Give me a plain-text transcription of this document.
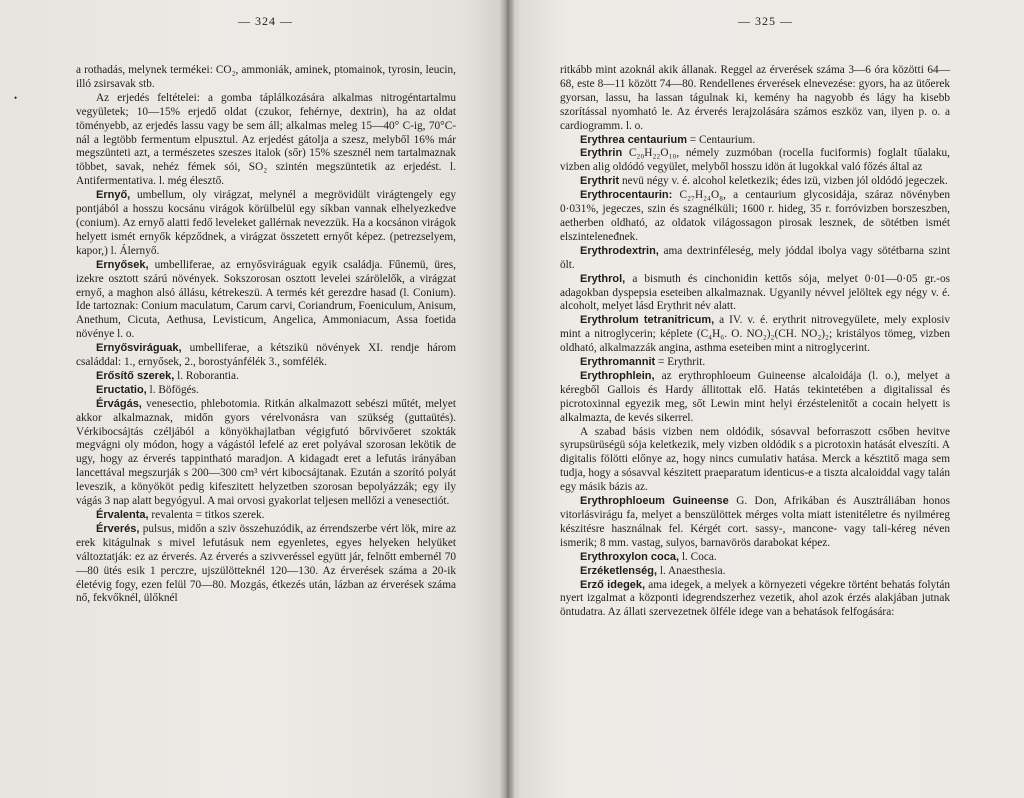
— 324 —
•

a rothadás, melynek termékei: CO₂, ammoniák, aminek, ptomainok, tyrosin, leucin, illó zsirsavak stb.

Az erjedés feltételei: a gomba táplálkozására alkalmas nitrogéntartalmu vegyületek; 10—15% erjedő oldat (czukor, fehérnye, dextrin), ha az oldat töményebb, az erjedés lassu vagy be sem áll; alkalmas meleg 15—40° C-ig, 70°C-nál a legtöbb fermentum elpusztul. Az erjedést gátolja a szesz, melyből 16% már megszünteti azt, a természetes szeszes italok (sőr) 15% szesznél nem tartalmaznak többet, savak, nehéz fémek sói, SO₂ szintén megszüntetik az erjedést. l. Antifermentativa. l. még élesztő.

Ernyő, umbellum, oly virágzat, melynél a megrövidült virágtengely egy pontjából a hosszu kocsánu virágok körülbelül egy síkban vannak elhelyezkedve (conium). Az ernyő alatti fedő leveleket gallérnak nevezzük. Ha a kocsánon virágok helyett ismét ernyők képződnek, a virágzat összetett ernyőt képez. (petrezselyem, kapor,) l. Álernyő.

Ernyősek, umbelliferae, az ernyősviráguak egyik családja. Fűnemü, üres, izekre osztott szárú növények. Sokszorosan osztott levelei szárölelők, a virágzat ernyő, a maghon alsó állásu, kétrekeszü. A termés két gerezdre hasad (l. Conium). Ide tartoznak: Conium maculatum, Carum carvi, Coriandrum, Foeniculum, Anisum, Anethum, Cicuta, Aethusa, Levisticum, Angelica, Ammoniacum, Assa foetida növénye l. o.

Ernyősviráguak, umbelliferae, a kétszikü növények XI. rendje három családdal: 1., ernyősek, 2., borostyánfélék 3., somfélék.

Erősítő szerek, l. Roborantia.

Eructatio, l. Böfögés.

Érvágás, venesectio, phlebotomia. Ritkán alkalmazott sebészi műtét, melyet akkor alkalmaznak, midőn gyors vérelvonásra van szükség (guttaütés). Vérkibocsájtás czéljából a könyökhajlatban végigfutó bőrvivőeret szokták megvágni oly módon, hogy a vágástól lefelé az eret polyával szorosan lekötik de ugy, hogy az érverés tappintható maradjon. A kidagadt eret a lefutás irányában lancettával megszurják s 200—300 cm³ vért kibocsájtanak. Ezután a szorító polyát leveszik, a könyököt pedig kifeszitett helyzetben szorosan bepolyázzák; egy ily vágás 3 nap alatt begyógyul. A mai orvosi gyakorlat teljesen mellőzi a venesectiót.

Érvalenta, revalenta = titkos szerek.

Érverés, pulsus, midőn a sziv összehuzódik, az érrendszerbe vért lök, mire az erek kitágulnak s mivel lefutásuk nem egyenletes, egyes helyeken helyüket változtatják: ez az érverés. Az érverés a szivveréssel együtt jár, felnőtt embernél 70—80 ütés esik 1 perczre, ujszülötteknél 120—130. Az érverések száma a 20-ik életévig fogy, ezen felül 70—80. Mozgás, étkezés után, lázban az érverések száma nő, fekvőknél, ülőknél

— 325 —

ritkább mint azoknál akik állanak. Reggel az érverések száma 3—6 óra közötti 64—68, este 8—11 között 74—80. Rendellenes érverések elnevezése: gyors, ha az ütőerek gyorsan, lassu, ha lassan tágulnak ki, kemény ha nagyobb és lágy ha kisebb szorítással nyomható le. Az érverés lerajzolására számos eszköz van, ilyen p. o. a cardiogramm. l. o.

Erythrea centaurium = Centaurium.

Erythrin C₂₀H₂₂O₁₀, némely zuzmóban (rocella fuciformis) foglalt tűalaku, vizben alig oldódó vegyület, melyből hosszu idön át lugokkal való főzés által az

Erythrit nevü négy v. é. alcohol keletkezik; édes izü, vizben jól oldódó jegeczek.

Erythrocentaurin: C₂₇H₂₄O₈, a centaurium glycosidája, száraz növényben 0·031%, jegeczes, szin és szagnélküli; 1600 r. hideg, 35 r. forróvizben borszeszben, aetherben oldható, az oldatok világossagon pirosak lesznek, de sötétben ismét elszinteleneđnek.

Erythrodextrin, ama dextrinféleség, mely jóddal ibolya vagy sötétbarna szint ölt.

Erythrol, a bismuth és cinchonidin kettős sója, melyet 0·01—0·05 gr.-os adagokban dyspepsia eseteiben alkalmaznak. Ugyanily névvel jelöltek egy négy v. é. alcoholt, melyet lásd Erythrit név alatt.

Erythrolum tetranitricum, a IV. v. é. erythrit nitrovegyülete, mely explosiv mint a nitroglycerin; képlete (C₄H₆. O. NO₂)₂(CH. NO₂)₂; kristályos tömeg, vizben oldható, alkalmazzák angina, asthma eseteiben mint a nitroglycerint.

Erythromannit = Erythrit.

Erythrophlein, az erythrophloeum Guineense alcaloidája (l. o.), melyet a kéregből Gallois és Hardy állitottak elő. Hatás tekintetében a digitalissal és picrotoxinnal egyezik meg, sőt Lewin mint helyi érzéstelenitőt a cocain helyett is alkalmazta, de kevés sikerrel.

A szabad básis vizben nem oldódik, sósavval beforraszott csőben hevitve syrupsürüségü sója keletkezik, mely vizben oldódik s a picrotoxin hatását elveszíti. A digitalis fölötti előnye az, hogy nincs cumulativ hatása. Merck a késztitő maga sem tudja, hogy a sósavval készitett praeparatum identicus-e a tiszta alcaloiddal vagy talán egy másik bázis az.

Erythrophloeum Guineense G. Don, Afrikában és Ausztráliában honos vitorlásvirágu fa, melyet a benszülöttek mérges volta miatt istenitéletre és nyilméreg készitésre használnak fel. Kérgét cort. sassy-, mancone- vagy tali-kéreg néven ismerik; 8 mm. vastag, sulyos, barnavörös darabokat képez.

Erythroxylon coca, l. Coca.

Erzéketlenség, l. Anaesthesia.

Erző idegek, ama idegek, a melyek a környezeti végekre történt behatás folytán nyert izgalmat a központi idegrendszerhez vezetik, ahol azok érzés alakjában jutnak öntudatra. Az állati szervezetnek ölféle idege van a behatások felfogására:
